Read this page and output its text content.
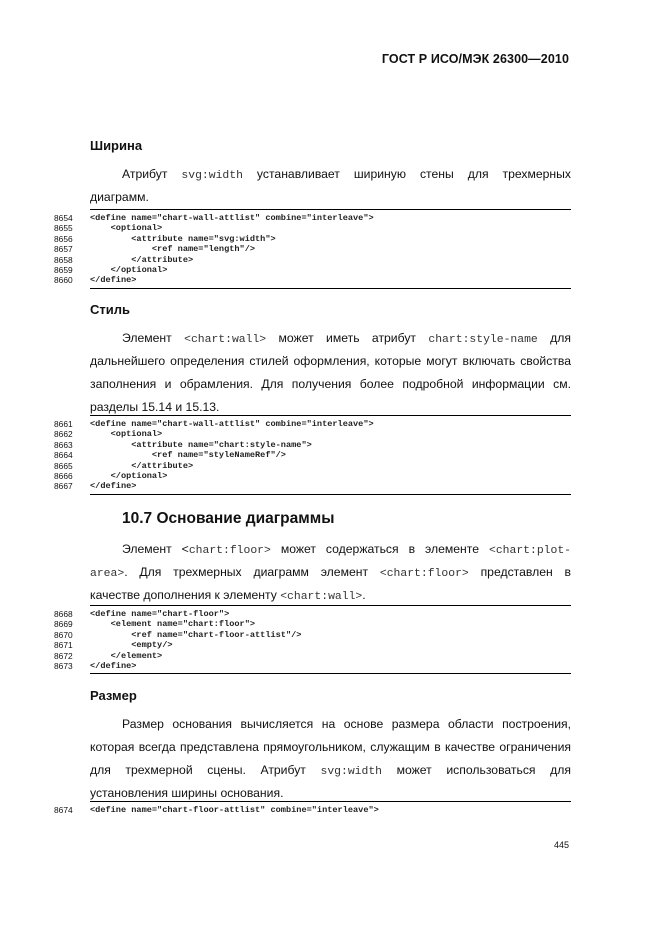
ГОСТ Р ИСО/МЭК 26300—2010
Ширина
Атрибут svg:width устанавливает шириную стены для трехмерных
диаграмм.
8654 <define name="chart-wall-attlist" combine="interleave">
8655 <optional>
8656 <attribute name="svg:width">
8657 <ref name="length"/>
8658 </attribute>
8659 </optional>
8660 </define>
Стиль
Элемент <chart:wall> может иметь атрибут chart:style-name для
дальнейшего определения стилей оформления, которые могут включать свойства
заполнения и обрамления. Для получения более подробной информации см.
разделы 15.14 и 15.13.
8661 <define name="chart-wall-attlist" combine="interleave">
8662 <optional>
8663 <attribute name="chart:style-name">
8664 <ref name="styleNameRef"/>
8665 </attribute>
8666 </optional>
8667 </define>
10.7 Основание диаграммы
Элемент <chart:floor> может содержаться в элементе <chart:plot-
area>. Для трехмерных диаграмм элемент <chart:floor> представлен в
качестве дополнения к элементу <chart:wall>.
8668 <define name="chart-floor">
8669 <element name="chart:floor">
8670 <ref name="chart-floor-attlist"/>
8671 <empty/>
8672 </element>
8673 </define>
Размер
Размер основания вычисляется на основе размера области построения,
которая всегда представлена прямоугольником, служащим в качестве ограничения
для трехмерной сцены. Атрибут svg:width может использоваться для
установления ширины основания.
8674 <define name="chart-floor-attlist" combine="interleave">
445
